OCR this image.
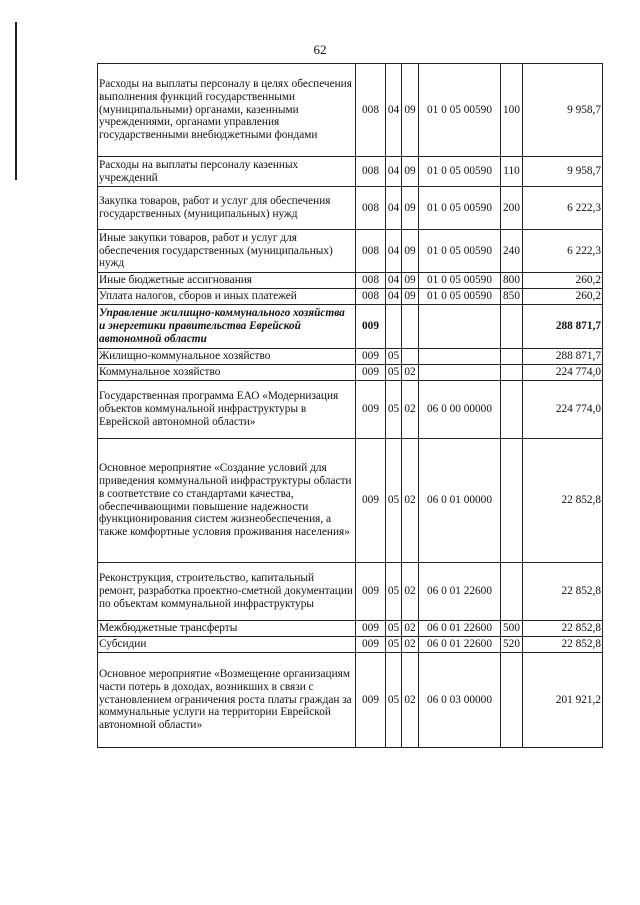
62
Расходы на выплаты персоналу в целях обеспечения выполнения функций государственными (муниципальными) органами, казенными учреждениями, органами управления государственными внебюджетными фондами	008	04	09	01 0 05 00590	100	9 958,7
Расходы на выплаты персоналу казенных учреждений	008	04	09	01 0 05 00590	110	9 958,7
Закупка товаров, работ и услуг для обеспечения государственных (муниципальных) нужд	008	04	09	01 0 05 00590	200	6 222,3
Иные закупки товаров, работ и услуг для обеспечения государственных (муниципальных) нужд	008	04	09	01 0 05 00590	240	6 222,3
Иные бюджетные ассигнования	008	04	09	01 0 05 00590	800	260,2
Уплата налогов, сборов и иных платежей	008	04	09	01 0 05 00590	850	260,2
Управление жилищно-коммунального хозяйства и энергетики правительства Еврейской автономной области	009					288 871,7
Жилищно-коммунальное хозяйство	009	05				288 871,7
Коммунальное хозяйство	009	05	02			224 774,0
Государственная программа ЕАО «Модернизация объектов коммунальной инфраструктуры в Еврейской автономной области»	009	05	02	06 0 00 00000		224 774,0
Основное мероприятие «Создание условий для приведения коммунальной инфраструктуры области в соответствие со стандартами качества, обеспечивающими повышение надежности функционирования систем жизнеобеспечения, а также комфортные условия проживания населения»	009	05	02	06 0 01 00000		22 852,8
Реконструкция, строительство, капитальный ремонт, разработка проектно-сметной документации по объектам коммунальной инфраструктуры	009	05	02	06 0 01 22600		22 852,8
Межбюджетные трансферты	009	05	02	06 0 01 22600	500	22 852,8
Субсидии	009	05	02	06 0 01 22600	520	22 852,8
Основное мероприятие «Возмещение организациям части потерь в доходах, возникших в связи с установлением ограничения роста платы граждан за коммунальные услуги на территории Еврейской автономной области»	009	05	02	06 0 03 00000		201 921,2
